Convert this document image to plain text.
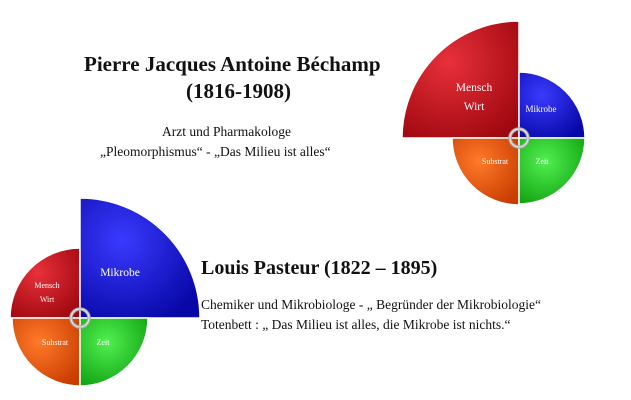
Pierre Jacques Antoine Béchamp
(1816-1908)
Arzt und Pharmakologe
„Pleomorphismus“ - „Das Milieu ist alles“
Louis Pasteur (1822 – 1895)
Chemiker und Mikrobiologe - „ Begründer der Mikrobiologie“
Totenbett : „ Das Milieu ist alles, die Mikrobe ist nichts.“
Mensch
Wirt	Mikrobe
Substrat	Zeit
Mensch
Wirt
Mikrobe
Substrat	Zeit
